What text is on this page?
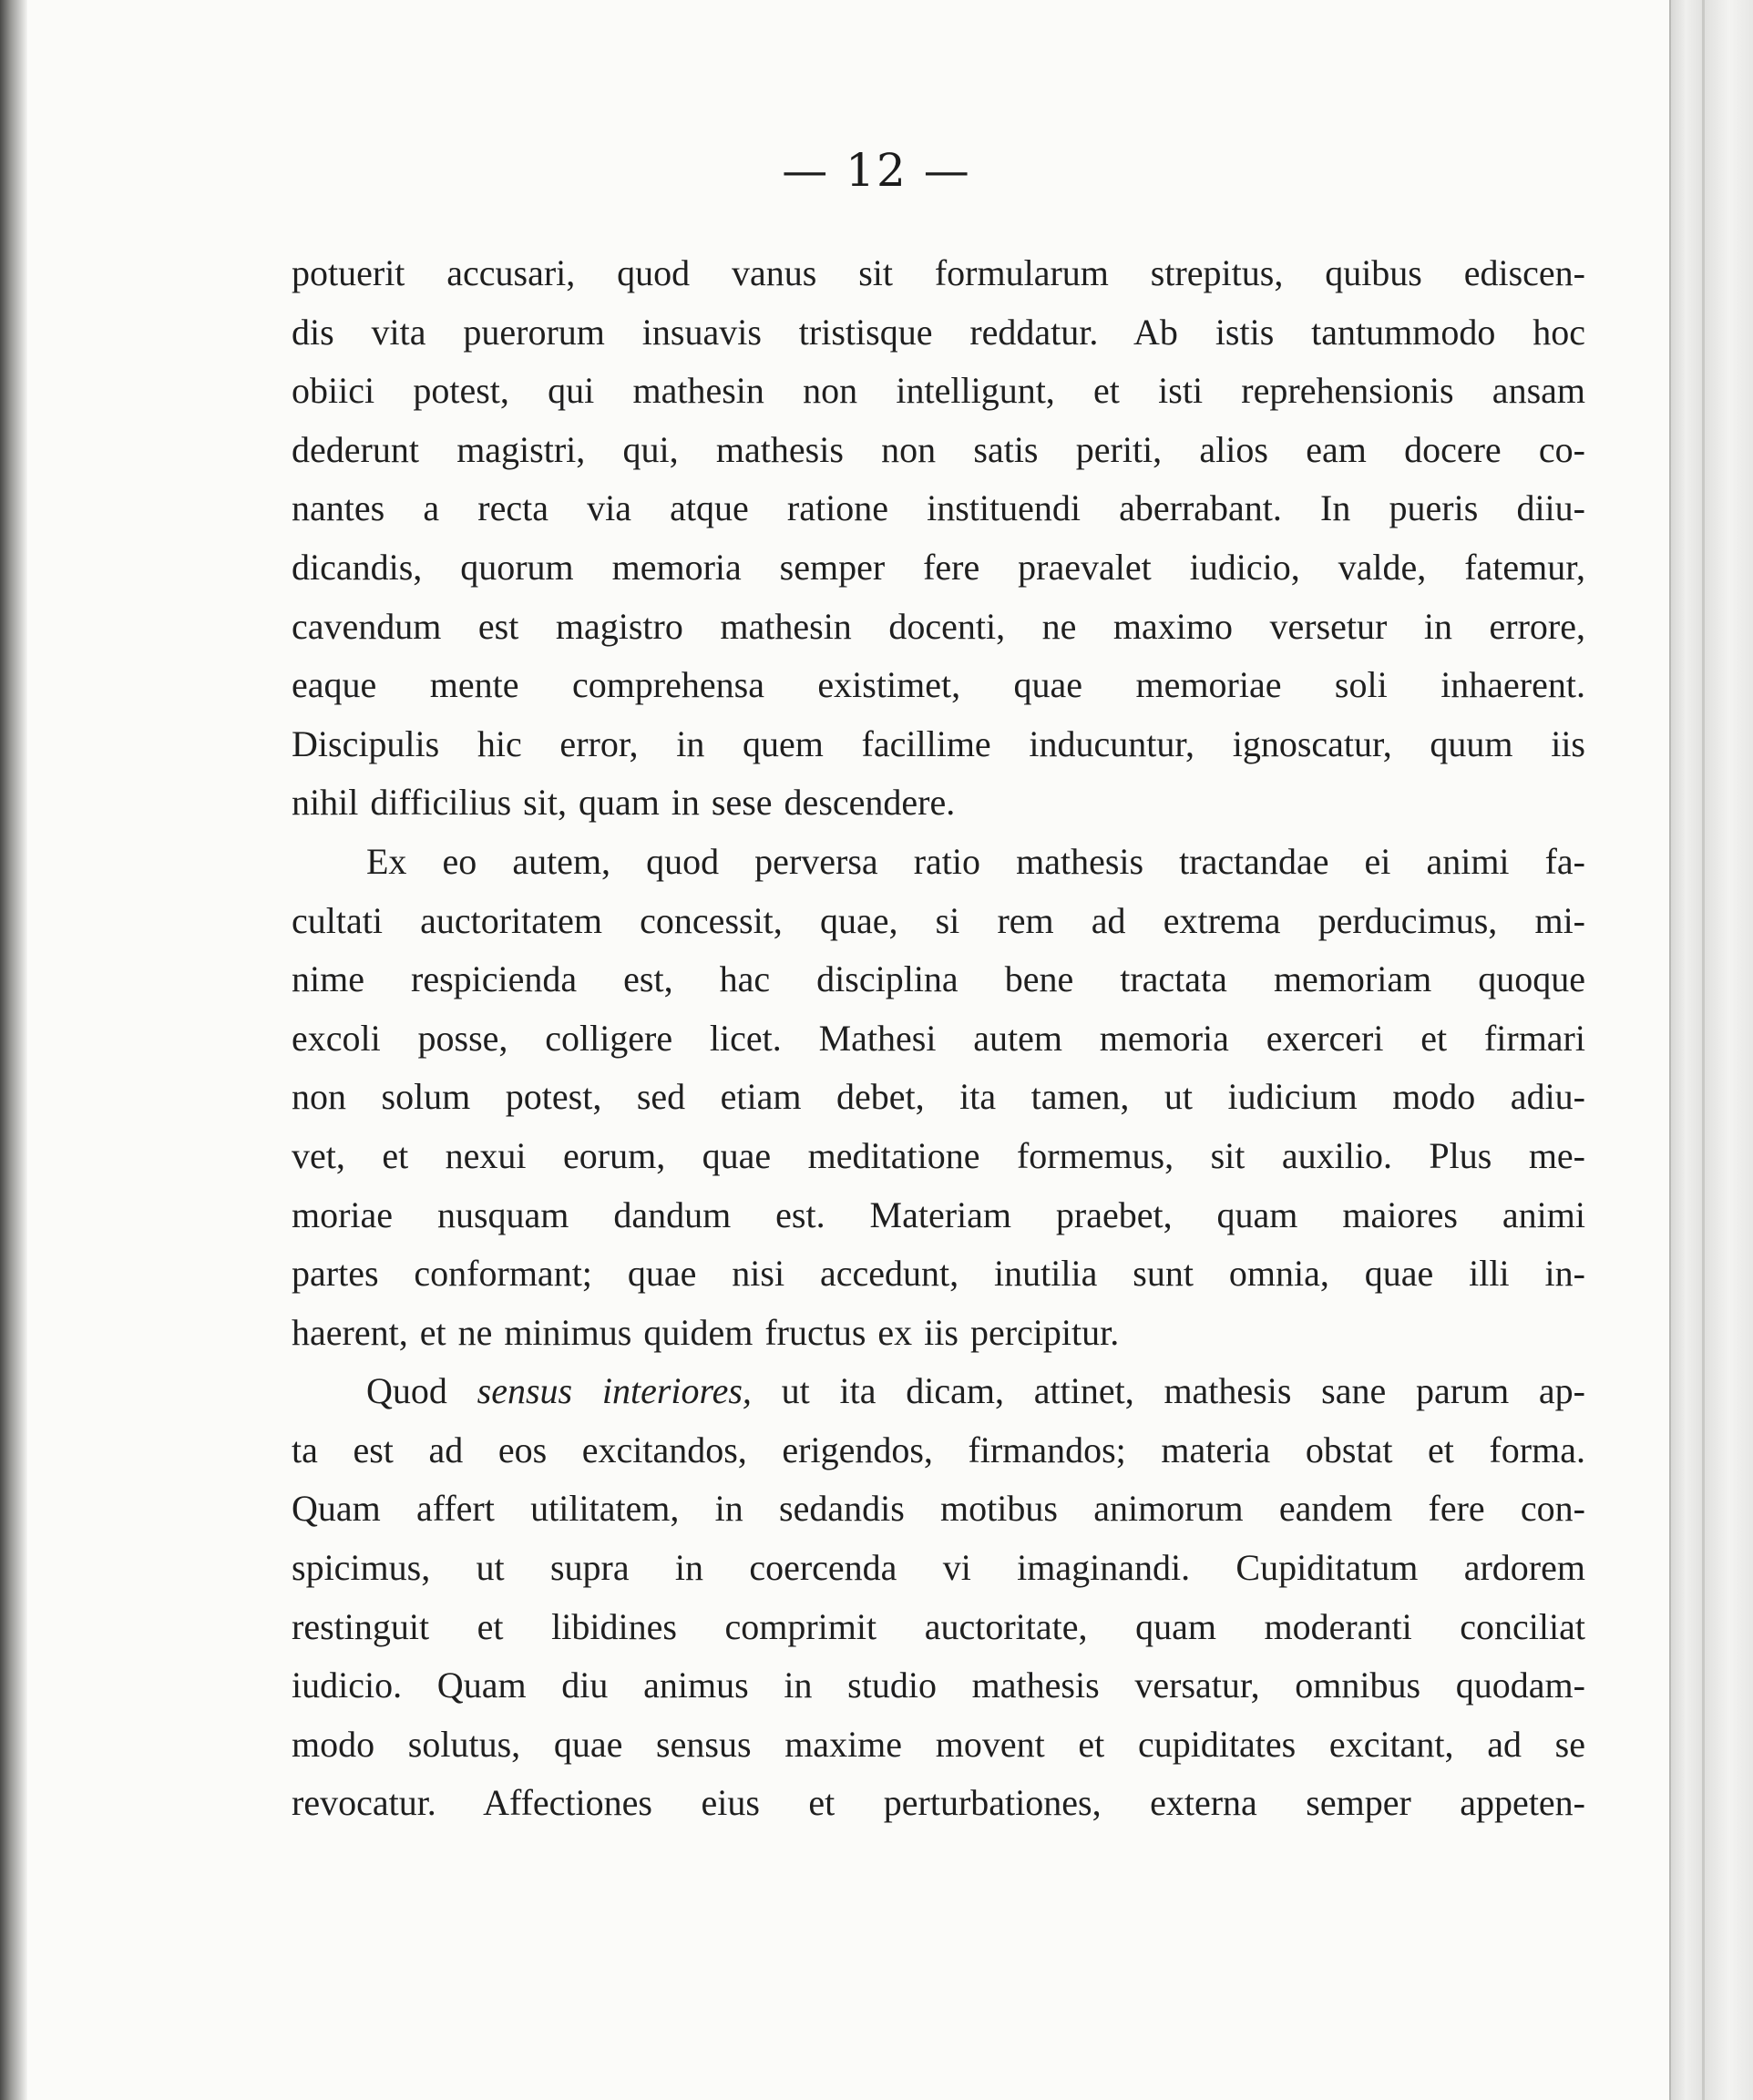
— 12 —
potuerit accusari, quod vanus sit formularum strepitus, quibus ediscen-
dis vita puerorum insuavis tristisque reddatur. Ab istis tantummodo hoc
obiici potest, qui mathesin non intelligunt, et isti reprehensionis ansam
dederunt magistri, qui, mathesis non satis periti, alios eam docere co-
nantes a recta via atque ratione instituendi aberrabant. In pueris diiu-
dicandis, quorum memoria semper fere praevalet iudicio, valde, fatemur,
cavendum est magistro mathesin docenti, ne maximo versetur in errore,
eaque mente comprehensa existimet, quae memoriae soli inhaerent.
Discipulis hic error, in quem facillime inducuntur, ignoscatur, quum iis
nihil difficilius sit, quam in sese descendere.
Ex eo autem, quod perversa ratio mathesis tractandae ei animi fa-
cultati auctoritatem concessit, quae, si rem ad extrema perducimus, mi-
nime respicienda est, hac disciplina bene tractata memoriam quoque
excoli posse, colligere licet. Mathesi autem memoria exerceri et firmari
non solum potest, sed etiam debet, ita tamen, ut iudicium modo adiu-
vet, et nexui eorum, quae meditatione formemus, sit auxilio. Plus me-
moriae nusquam dandum est. Materiam praebet, quam maiores animi
partes conformant; quae nisi accedunt, inutilia sunt omnia, quae illi in-
haerent, et ne minimus quidem fructus ex iis percipitur.
Quod sensus interiores, ut ita dicam, attinet, mathesis sane parum ap-
ta est ad eos excitandos, erigendos, firmandos; materia obstat et forma.
Quam affert utilitatem, in sedandis motibus animorum eandem fere con-
spicimus, ut supra in coercenda vi imaginandi. Cupiditatum ardorem
restinguit et libidines comprimit auctoritate, quam moderanti conciliat
iudicio. Quam diu animus in studio mathesis versatur, omnibus quodam-
modo solutus, quae sensus maxime movent et cupiditates excitant, ad se
revocatur. Affectiones eius et perturbationes, externa semper appeten-
